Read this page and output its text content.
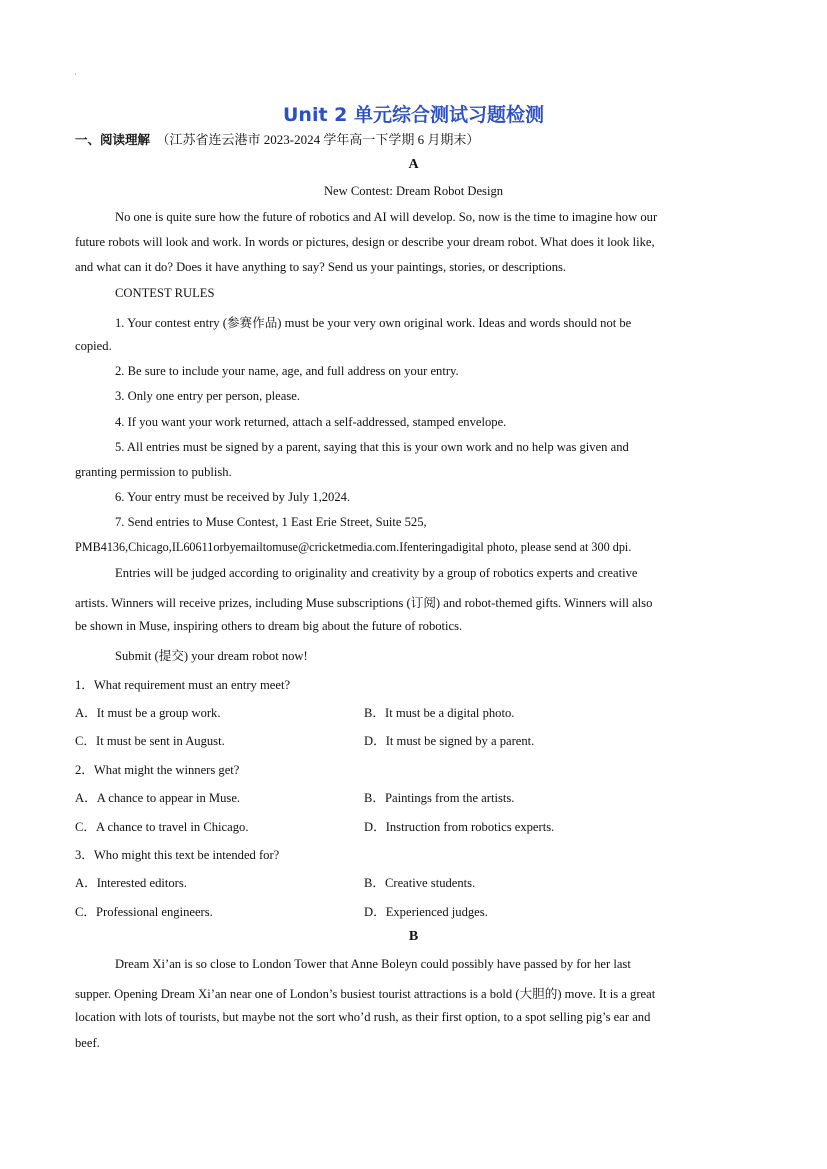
·
Unit 2 单元综合测试习题检测
一、阅读理解 （江苏省连云港市 2023-2024 学年高一下学期 6 月期末）
A
New Contest: Dream Robot Design
No one is quite sure how the future of robotics and AI will develop. So, now is the time to imagine how our
future robots will look and work. In words or pictures, design or describe your dream robot. What does it look like,
and what can it do? Does it have anything to say? Send us your paintings, stories, or descriptions.
CONTEST RULES
1. Your contest entry (参赛作品) must be your very own original work. Ideas and words should not be
copied.
2. Be sure to include your name, age, and full address on your entry.
3. Only one entry per person, please.
4. If you want your work returned, attach a self-addressed, stamped envelope.
5. All entries must be signed by a parent, saying that this is your own work and no help was given and
granting permission to publish.
6. Your entry must be received by July 1,2024.
7. Send entries to Muse Contest, 1 East Erie Street, Suite 525,
PMB4136,Chicago,IL60611orbyemailtomuse@cricketmedia.com.Ifenteringadigital photo, please send at 300 dpi.
Entries will be judged according to originality and creativity by a group of robotics experts and creative
artists. Winners will receive prizes, including Muse subscriptions (订阅) and robot-themed gifts. Winners will also
be shown in Muse, inspiring others to dream big about the future of robotics.
Submit (提交) your dream robot now!
1．What requirement must an entry meet?
A．It must be a group work.	B．It must be a digital photo.
C．It must be sent in August.	D．It must be signed by a parent.
2．What might the winners get?
A．A chance to appear in Muse.	B．Paintings from the artists.
C．A chance to travel in Chicago.	D．Instruction from robotics experts.
3．Who might this text be intended for?
A．Interested editors.	B．Creative students.
C．Professional engineers.	D．Experienced judges.
B
Dream Xi’an is so close to London Tower that Anne Boleyn could possibly have passed by for her last
supper. Opening Dream Xi’an near one of London’s busiest tourist attractions is a bold (大胆的) move. It is a great
location with lots of tourists, but maybe not the sort who’d rush, as their first option, to a spot selling pig’s ear and
beef.
